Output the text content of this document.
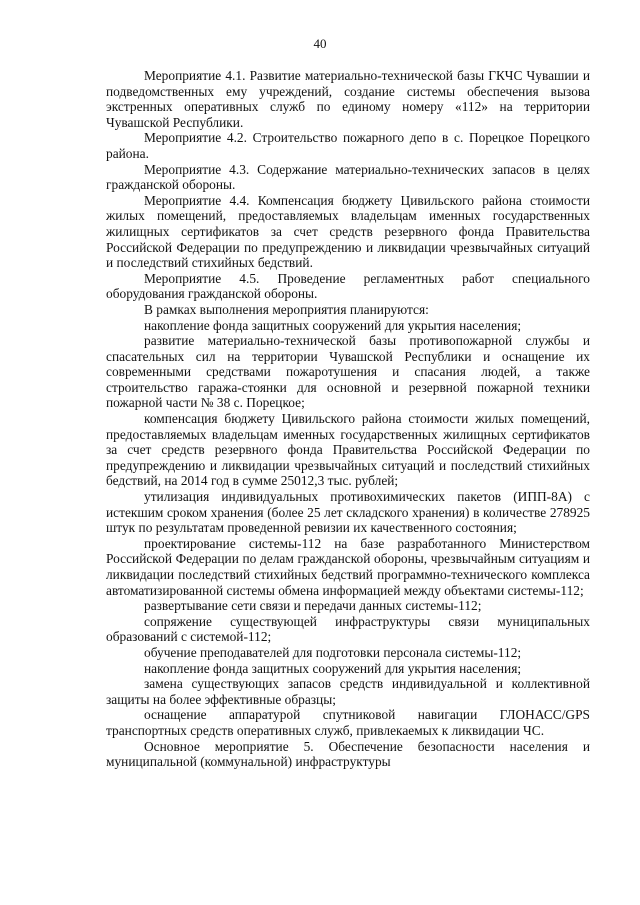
40

Мероприятие 4.1. Развитие материально-технической базы ГКЧС Чувашии и подведомственных ему учреждений, создание системы обеспечения вызова экстренных оперативных служб по единому номеру «112» на территории Чувашской Республики.

Мероприятие 4.2. Строительство пожарного депо в с. Порецкое Порецкого района.

Мероприятие 4.3. Содержание материально-технических запасов в целях гражданской обороны.

Мероприятие 4.4. Компенсация бюджету Цивильского района стоимости жилых помещений, предоставляемых владельцам именных государственных жилищных сертификатов за счет средств резервного фонда Правительства Российской Федерации по предупреждению и ликвидации чрезвычайных ситуаций и последствий стихийных бедствий.

Мероприятие 4.5. Проведение регламентных работ специального оборудования гражданской обороны.

В рамках выполнения мероприятия планируются:

накопление фонда защитных сооружений для укрытия населения;

развитие материально-технической базы противопожарной службы и спасательных сил на территории Чувашской Республики и оснащение их современными средствами пожаротушения и спасания людей, а также строительство гаража-стоянки для основной и резервной пожарной техники пожарной части № 38 с. Порецкое;

компенсация бюджету Цивильского района стоимости жилых помещений, предоставляемых владельцам именных государственных жилищных сертификатов за счет средств резервного фонда Правительства Российской Федерации по предупреждению и ликвидации чрезвычайных ситуаций и последствий стихийных бедствий, на 2014 год в сумме 25012,3 тыс. рублей;

утилизация индивидуальных противохимических пакетов (ИПП-8А) с истекшим сроком хранения (более 25 лет складского хранения) в количестве 278925 штук по результатам проведенной ревизии их качественного состояния;

проектирование системы-112 на базе разработанного Министерством Российской Федерации по делам гражданской обороны, чрезвычайным ситуациям и ликвидации последствий стихийных бедствий программно-технического комплекса автоматизированной системы обмена информацией между объектами системы-112;

развертывание сети связи и передачи данных системы-112;

сопряжение существующей инфраструктуры связи муниципальных образований с системой-112;

обучение преподавателей для подготовки персонала системы-112;

накопление фонда защитных сооружений для укрытия населения;

замена существующих запасов средств индивидуальной и коллективной защиты на более эффективные образцы;

оснащение аппаратурой спутниковой навигации ГЛОНАСС/GPS транспортных средств оперативных служб, привлекаемых к ликвидации ЧС.

Основное мероприятие 5. Обеспечение безопасности населения и муниципальной (коммунальной) инфраструктуры
